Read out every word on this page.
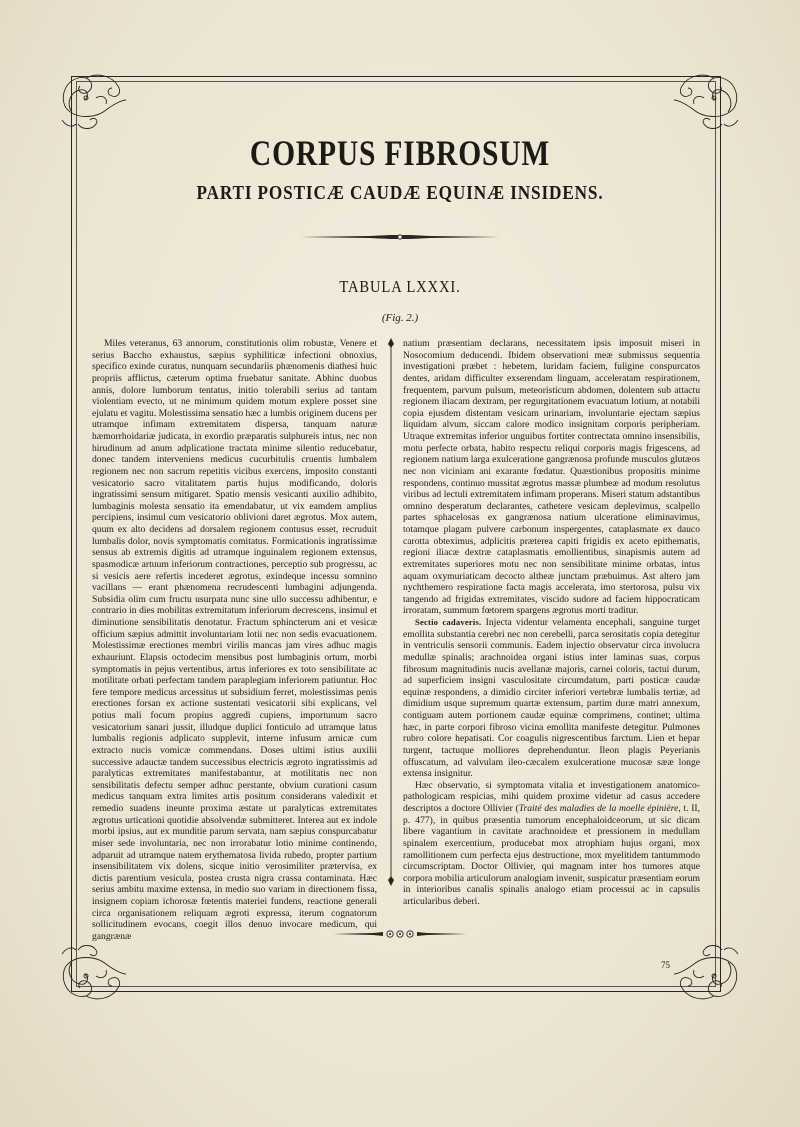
CORPUS FIBROSUM
PARTI POSTICÆ CAUDÆ EQUINÆ INSIDENS.
TABULA LXXXI.
(Fig. 2.)

Miles veteranus, 63 annorum, constitutionis olim robustæ, Venere et serius Baccho exhaustus, sæpius syphiliticæ infectioni obnoxius, specifico exinde curatus, nunquam secundariis phænomenis diathesi huic propriis afflictus, cæterum optima fruebatur sanitate. Abhinc duobus annis, dolore lumborum tentatus, initio tolerabili serius ad tantam violentiam evecto, ut ne minimum quidem motum explere posset sine ejulatu et vagitu. Molestissima sensatio hæc a lumbis originem ducens per utramque infimam extremitatem dispersa, tanquam naturæ hæmorrhoidariæ judicata, in exordio præparatis sulphureis intus, nec non hirudinum ad anum adplicatione tractata minime silentio reducebatur, donec tandem interveniens medicus cucurbitulis cruentis lumbalem regionem nec non sacrum repetitis vicibus exercens, imposito constanti vesicatorio sacro vitalitatem partis hujus modificando, doloris ingratissimi sensum mitigaret. Spatio mensis vesicanti auxilio adhibito, lumbaginis molesta sensatio ita emendabatur, ut vix eamdem amplius percipiens, insimul cum vesicatorio oblivioni daret ægrotus. Mox autem, quum ex alto decidens ad dorsalem regionem contusus esset, recruduit lumbalis dolor, novis symptomatis comitatus. Formicationis ingratissimæ sensus ab extremis digitis ad utramque inguinalem regionem extensus, spasmodicæ artuum inferiorum contractiones, perceptio sub progressu, ac si vesicis aere refertis incederet ægrotus, exindeque incessu somnino vacillans — erant phænomena recrudescenti lumbagini adjungenda. Subsidia olim cum fructu usurpata nunc sine ullo successu adhibentur, e contrario in dies mobilitas extremitatum inferiorum decrescens, insimul et diminutione sensibilitatis denotatur. Fractum sphincterum ani et vesicæ officium sæpius admittit involuntariam lotii nec non sedis evacuationem. Molestissimæ erectiones membri virilis mancas jam vires adhuc magis exhauriunt. Elapsis octodecim mensibus post lumbaginis ortum, morbi symptomatis in pejus vertentibus, artus inferiores ex toto sensibilitate ac motilitate orbati perfectam tandem paraplegiam inferiorem patiuntur. Hoc fere tempore medicus arcessitus ut subsidium ferret, molestissimas penis erectiones forsan ex actione sustentati vesicatorii sibi explicans, vel potius mali focum propius aggredi cupiens, importunum sacro vesicatorium sanari jussit, illudque duplici fonticulo ad utramque latus lumbalis regionis adplicato supplevit, interne infusum arnicæ cum extracto nucis vomicæ commendans. Doses ultimi istius auxilii successive adauctæ tandem successibus electricis ægroto ingratissimis ad paralyticas extremitates manifestabantur, at motilitatis nec non sensibilitatis defectu semper adhuc perstante, obvium curationi casum medicus tanquam extra limites artis positum considerans valedixit et remedio suadens ineunte proxima æstate ut paralyticas extremitates ægrotus urticationi quotidie absolvendæ submitteret. Interea aut ex indole morbi ipsius, aut ex munditie parum servata, nam sæpius conspurcabatur miser sede involuntaria, nec non irrorabatur lotio minime continendo, adparuit ad utramque natem erythematosa livida rubedo, propter partium insensibilitatem vix dolens, sicque initio verosimiliter prætervisa, ex dictis parentium vesicula, postea crusta nigra crassa contaminata. Hæc serius ambitu maxime extensa, in medio suo variam in directionem fissa, insignem copiam ichorosæ fœtentis materiei fundens, reactione generali circa organisationem reliquam ægroti expressa, iterum cognatorum sollicitudinem evocans, coegit illos denuo invocare medicum, qui gangrænæ

natium præsentiam declarans, necessitatem ipsis imposuit miseri in Nosocomium deducendi. Ibidem observationi meæ submissus sequentia investigationi præbet : hebetem, luridam faciem, fuligine conspurcatos dentes, aridam difficulter exserendam linguam, acceleratam respirationem, frequentem, parvum pulsum, meteoristicum abdomen, dolentem sub attactu regionem iliacam dextram, per regurgitationem evacuatum lotium, at notabili copia ejusdem distentam vesicam urinariam, involuntarie ejectam sæpius liquidam alvum, siccam calore modico insignitam corporis peripheriam. Utraque extremitas inferior unguibus fortiter contrectata omnino insensibilis, motu perfecte orbata, habito respectu reliqui corporis magis frigescens, ad regionem natium larga exulceratione gangrænosa profunde musculos glutæos nec non viciniam ani exarante fœdatur. Quæstionibus propositis minime respondens, continuo mussitat ægrotus massæ plumbeæ ad modum resolutus viribus ad lectuli extremitatem infimam properans. Miseri statum adstantibus omnino desperatum declarantes, cathetere vesicam deplevimus, scalpello partes sphacelosas ex gangrænosa natium ulceratione eliminavimus, totamque plagam pulvere carbonum inspergentes, cataplasmate ex dauco carotta obteximus, adplicitis præterea capiti frigidis ex aceto epithematis, regioni iliacæ dextræ cataplasmatis emollientibus, sinapismis autem ad extremitates superiores motu nec non sensibilitate minime orbatas, intus aquam oxymuriaticam decocto altheæ junctam præbuimus. Ast altero jam nychthemero respiratione facta magis accelerata, imo stertorosa, pulsu vix tangendo ad frigidas extremitates, viscido sudore ad faciem hippocraticam irroratam, summum fœtorem spargens ægrotus morti traditur.

Sectio cadaveris. Injecta videntur velamenta encephali, sanguine turget emollita substantia cerebri nec non cerebelli, parca serositatis copia detegitur in ventriculis sensorii communis. Eadem injectio observatur circa involucra medullæ spinalis; arachnoidea organi istius inter laminas suas, corpus fibrosum magnitudinis nucis avellanæ majoris, carnei coloris, tactui durum, ad superficiem insigni vasculositate circumdatum, parti posticæ caudæ equinæ respondens, a dimidio circiter inferiori vertebræ lumbalis tertiæ, ad dimidium usque supremum quartæ extensum, partim duræ matri annexum, contiguam autem portionem caudæ equinæ comprimens, continet; ultima hæc, in parte corpori fibroso vicina emollita manifeste detegitur. Pulmones rubro colore hepatisati. Cor coagulis nigrescentibus farctum. Lien et hepar turgent, tactuque molliores deprehenduntur. Ileon plagis Peyerianis offuscatum, ad valvulam ileo-cæcalem exulceratione mucosæ sææ longe extensa insignitur.

Hæc observatio, si symptomata vitalia et investigationem anatomico-pathologicam respicias, mihi quidem proxime videtur ad casus accedere descriptos a doctore Ollivier (Traité des maladies de la moelle épinière, t. II, p. 477), in quibus præsentia tumorum encephaloidceorum, ut sic dicam libere vagantium in cavitate arachnoideæ et pressionem in medullam spinalem exercentium, producebat mox atrophiam hujus organi, mox ramollitionem cum perfecta ejus destructione, mox myelitidem tantummodo circumscriptam. Doctor Ollivier, qui magnam inter hos tumores atque corpora mobilia articulorum analogiam invenit, suspicatur præsentiam eorum in interioribus canalis spinalis analogo etiam processui ac in capsulis articularibus deberi.

75
